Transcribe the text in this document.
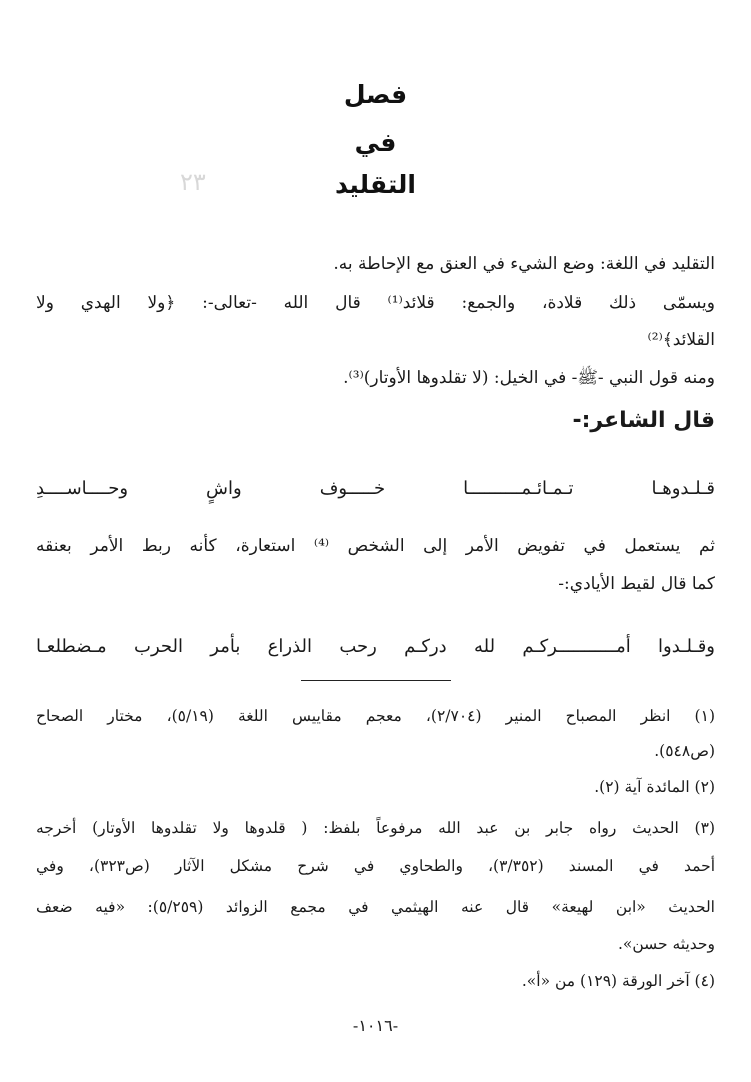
فصل
في
التقليد
٢٣
التقليد في اللغة: وضع الشيء في العنق مع الإحاطة به.
ويسمّى ذلك قلادة، والجمع: قلائد⁽¹⁾ قال الله -تعالى-: ﴿ولا الهدي ولا
القلائد﴾⁽²⁾
ومنه قول النبي -ﷺ- في الخيل: (لا تقلدوها الأوتار)⁽³⁾.
قال الشاعر:-
قـلـدوهـا
تـمـائـمــــــــــا
خـــــوف
واشٍ
وحــــاســــدِ
ثم يستعمل في تفويض الأمر إلى الشخص ⁽⁴⁾ استعارة، كأنه ربط الأمر بعنقه
كما قال لقيط الأيادي:-
وقـلـدوا
أمـــــــــــركـم
لله
دركـم
رحب
الذراع
بأمر
الحرب
مـضطلعـا
(١) انظر المصباح المنير (٢/٧٠٤)، معجم مقاييس اللغة (٥/١٩)، مختار الصحاح
(ص٥٤٨).
(٢) المائدة آية (٢).
(٣) الحديث رواه جابر بن عبد الله مرفوعاً بلفظ: ( قلدوها ولا تقلدوها الأوتار) أخرجه
أحمد في المسند (٣/٣٥٢)، والطحاوي في شرح مشكل الآثار (ص٣٢٣)، وفي
الحديث «ابن لهيعة» قال عنه الهيثمي في مجمع الزوائد (٥/٢٥٩): «فيه ضعف
وحديثه حسن».
(٤) آخر الورقة (١٢٩) من «أ».
-١٠١٦-
